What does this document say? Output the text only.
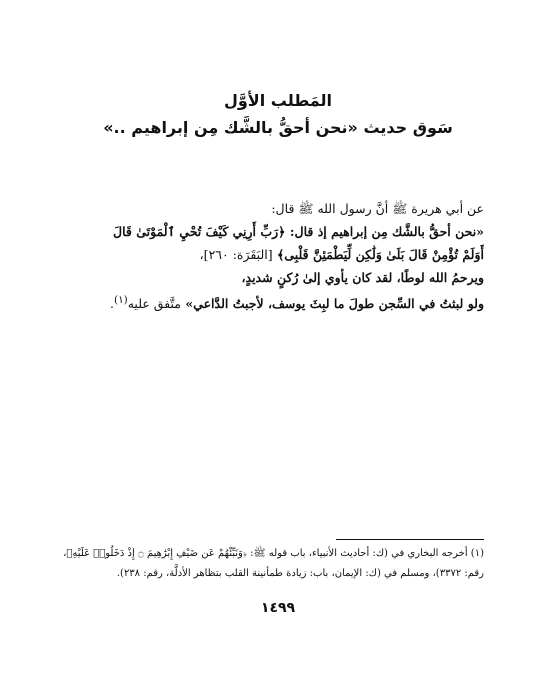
المَطلب الأوَّل

سَوق حديث «نحن أحقُّ بالشَّك مِن إبراهيم ..»

عن أبي هريرة ﷺ أنَّ رسول الله ﷺ قال:

«نحن أحقُّ بالشَّك مِن إبراهيم إذ قال: ﴿رَبِّ أَرِنِي كَيْفَ تُحْيِ ٱلْمَوْتَىٰ قَالَ

أَوَلَمْ تُؤْمِنْ قَالَ بَلَىٰ وَلَٰكِن لِّيَطْمَئِنَّ قَلْبِى﴾ [البَقَرَة: ٢٦٠]،

ويرحمُ الله لوطًا، لقد كان يأوي إلىٰ رُكنٍ شديدٍ،

ولو لبثتُ في السِّجن طولَ ما لبِثَ يوسف، لأجبتُ الدَّاعي» متَّفق عليه$^{(١)}$.

(١) أخرجه البخاري في (ك: أحاديث الأنبياء، باب قوله ﷺ: ﴿وَنَبِّئْهُمْ عَن ضَيْفِ إِبْرَٰهِيمَ ۝ إِذْ دَخَلُوا۟ عَلَيْهِ﴾،

رقم: ٣٣٧٢)، ومسلم في (ك: الإيمان، باب: زيادة طمأنينة القلب بتظاهر الأدلَّة، رقم: ٢٣٨).

١٤٩٩
